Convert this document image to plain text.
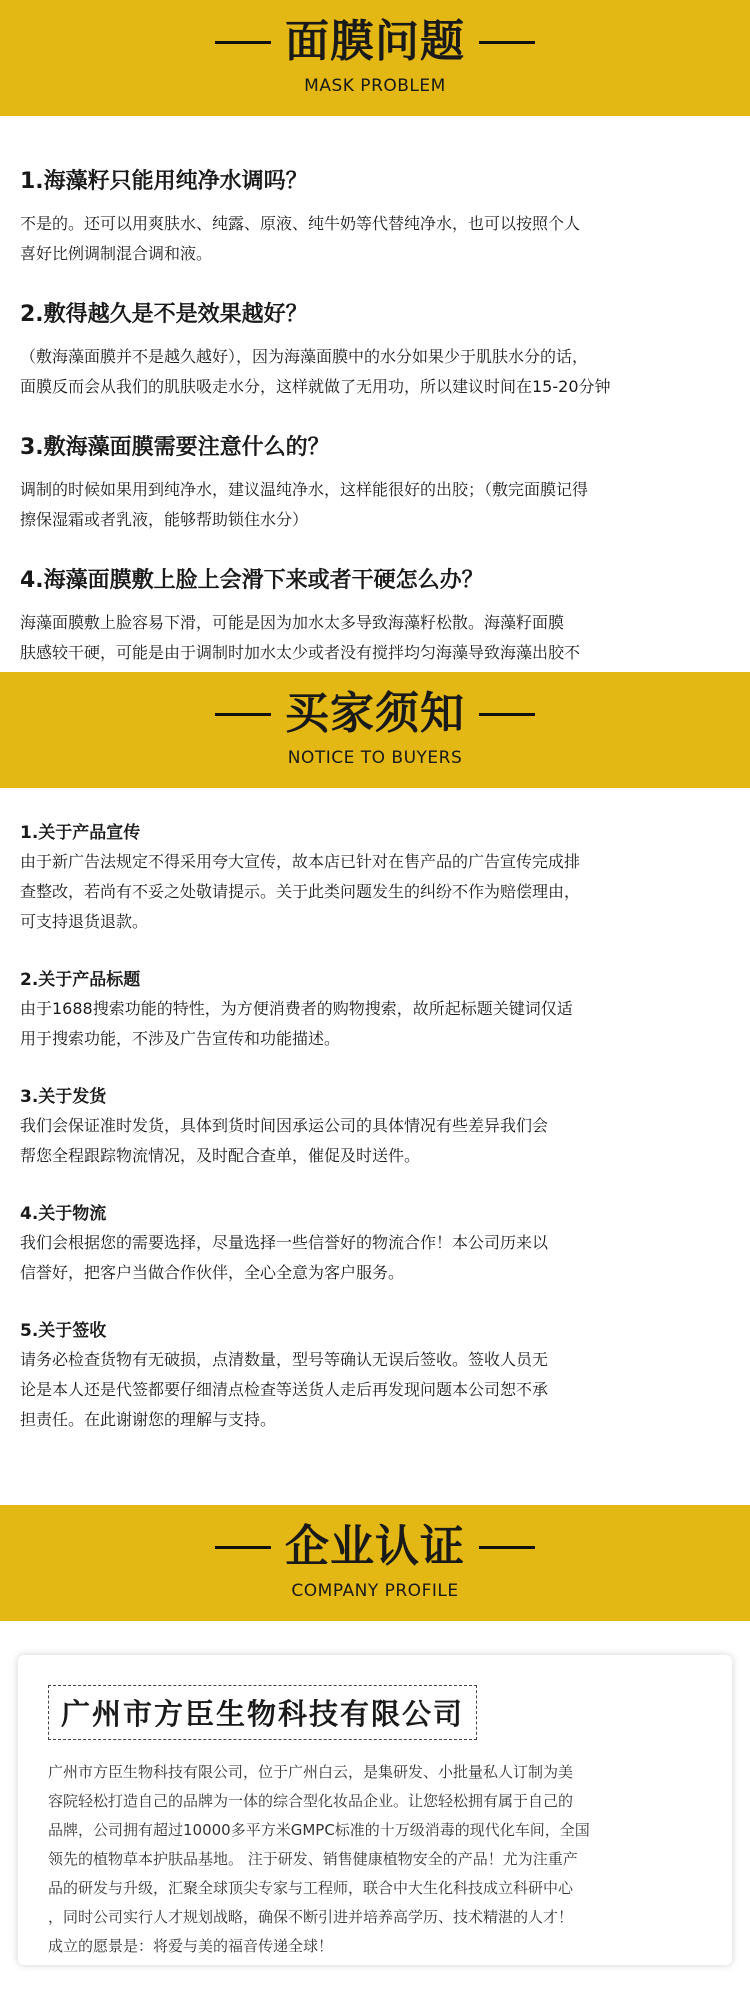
面膜问题
MASK PROBLEM

1.海藻籽只能用纯净水调吗？

不是的。还可以用爽肤水、纯露、原液、纯牛奶等代替纯净水，也可以按照个人
喜好比例调制混合调和液。

2.敷得越久是不是效果越好？

（敷海藻面膜并不是越久越好），因为海藻面膜中的水分如果少于肌肤水分的话，
面膜反而会从我们的肌肤吸走水分，这样就做了无用功，所以建议时间在15-20分钟

3.敷海藻面膜需要注意什么的？

调制的时候如果用到纯净水，建议温纯净水，这样能很好的出胶；（敷完面膜记得
擦保湿霜或者乳液，能够帮助锁住水分）

4.海藻面膜敷上脸上会滑下来或者干硬怎么办？

海藻面膜敷上脸容易下滑，可能是因为加水太多导致海藻籽松散。海藻籽面膜
肤感较干硬，可能是由于调制时加水太少或者没有搅拌均匀海藻导致海藻出胶不

买家须知
NOTICE TO BUYERS

1.关于产品宣传

由于新广告法规定不得采用夸大宣传，故本店已针对在售产品的广告宣传完成排
查整改，若尚有不妥之处敬请提示。关于此类问题发生的纠纷不作为赔偿理由，
可支持退货退款。

2.关于产品标题

由于1688搜索功能的特性，为方便消费者的购物搜索，故所起标题关键词仅适
用于搜索功能，不涉及广告宣传和功能描述。

3.关于发货

我们会保证准时发货，具体到货时间因承运公司的具体情况有些差异我们会
帮您全程跟踪物流情况，及时配合查单，催促及时送件。

4.关于物流

我们会根据您的需要选择，尽量选择一些信誉好的物流合作！本公司历来以
信誉好，把客户当做合作伙伴，全心全意为客户服务。

5.关于签收

请务必检查货物有无破损，点清数量，型号等确认无误后签收。签收人员无
论是本人还是代签都要仔细清点检查等送货人走后再发现问题本公司恕不承
担责任。在此谢谢您的理解与支持。

企业认证
COMPANY PROFILE
广州市方臣生物科技有限公司

广州市方臣生物科技有限公司，位于广州白云，是集研发、小批量私人订制为美
容院轻松打造自己的品牌为一体的综合型化妆品企业。让您轻松拥有属于自己的
品牌，公司拥有超过10000多平方米GMPC标准的十万级消毒的现代化车间，全国
领先的植物草本护肤品基地。 注于研发、销售健康植物安全的产品！尤为注重产
品的研发与升级，汇聚全球顶尖专家与工程师，联合中大生化科技成立科研中心
，同时公司实行人才规划战略，确保不断引进并培养高学历、技术精湛的人才！
成立的愿景是：将爱与美的福音传递全球！
